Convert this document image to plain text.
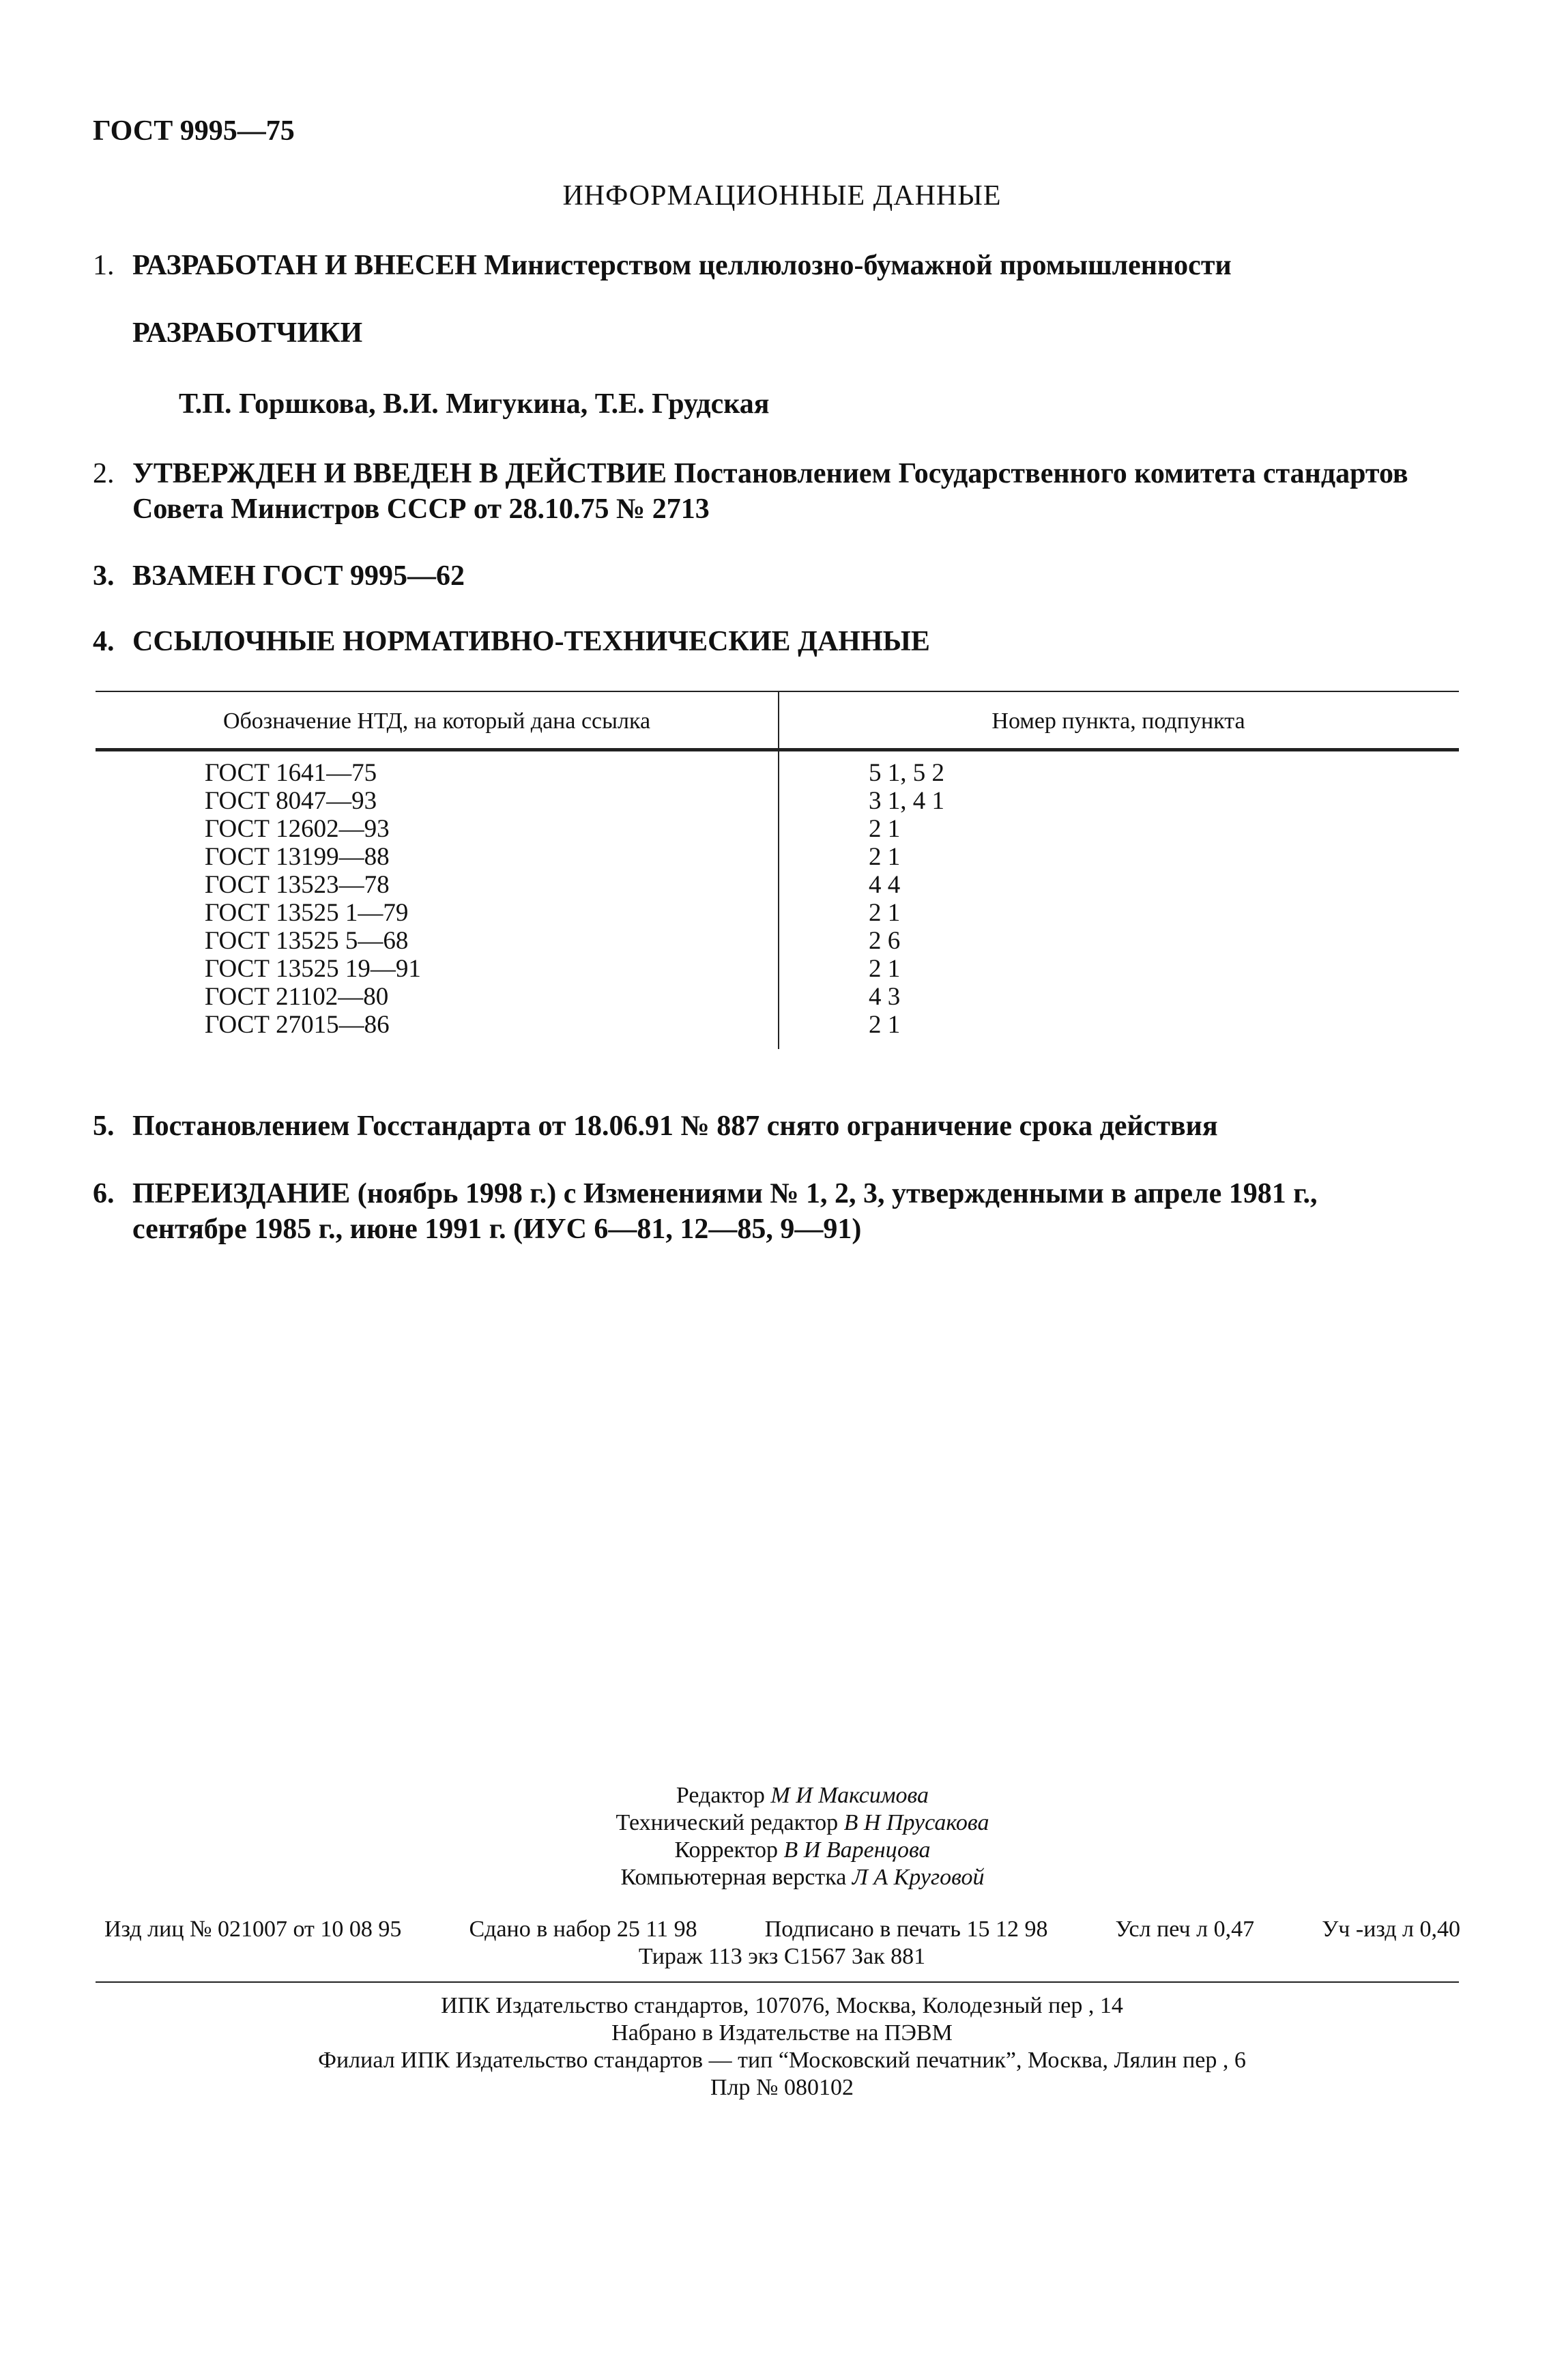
ГОСТ 9995—75
ИНФОРМАЦИОННЫЕ ДАННЫЕ
1. РАЗРАБОТАН И ВНЕСЕН Министерством целлюлозно-бумажной промышленности
РАЗРАБОТЧИКИ
Т.П. Горшкова, В.И. Мигукина, Т.Е. Грудская
2. УТВЕРЖДЕН И ВВЕДЕН В ДЕЙСТВИЕ Постановлением Государственного комитета стандартов
Совета Министров СССР от 28.10.75 № 2713
3. ВЗАМЕН ГОСТ 9995—62
4. ССЫЛОЧНЫЕ НОРМАТИВНО-ТЕХНИЧЕСКИЕ ДАННЫЕ
Обозначение НТД, на который дана ссылка	Номер пункта, подпункта
ГОСТ 1641—75	5 1, 5 2
ГОСТ 8047—93	3 1, 4 1
ГОСТ 12602—93	2 1
ГОСТ 13199—88	2 1
ГОСТ 13523—78	4 4
ГОСТ 13525 1—79	2 1
ГОСТ 13525 5—68	2 6
ГОСТ 13525 19—91	2 1
ГОСТ 21102—80	4 3
ГОСТ 27015—86	2 1
5. Постановлением Госстандарта от 18.06.91 № 887 снято ограничение срока действия
6. ПЕРЕИЗДАНИЕ (ноябрь 1998 г.) с Изменениями № 1, 2, 3, утвержденными в апреле 1981 г.,
сентябре 1985 г., июне 1991 г. (ИУС 6—81, 12—85, 9—91)
Редактор М И Максимова
Технический редактор В Н Прусакова
Корректор В И Варенцова
Компьютерная верстка Л А Круговой
Изд лиц № 021007 от 10 08 95	Сдано в набор 25 11 98	Подписано в печать 15 12 98	Усл печ л 0,47	Уч -изд л 0,40
Тираж 113 экз С1567 Зак 881
ИПК Издательство стандартов, 107076, Москва, Колодезный пер , 14
Набрано в Издательстве на ПЭВМ
Филиал ИПК Издательство стандартов — тип “Московский печатник”, Москва, Лялин пер , 6
Плр № 080102
